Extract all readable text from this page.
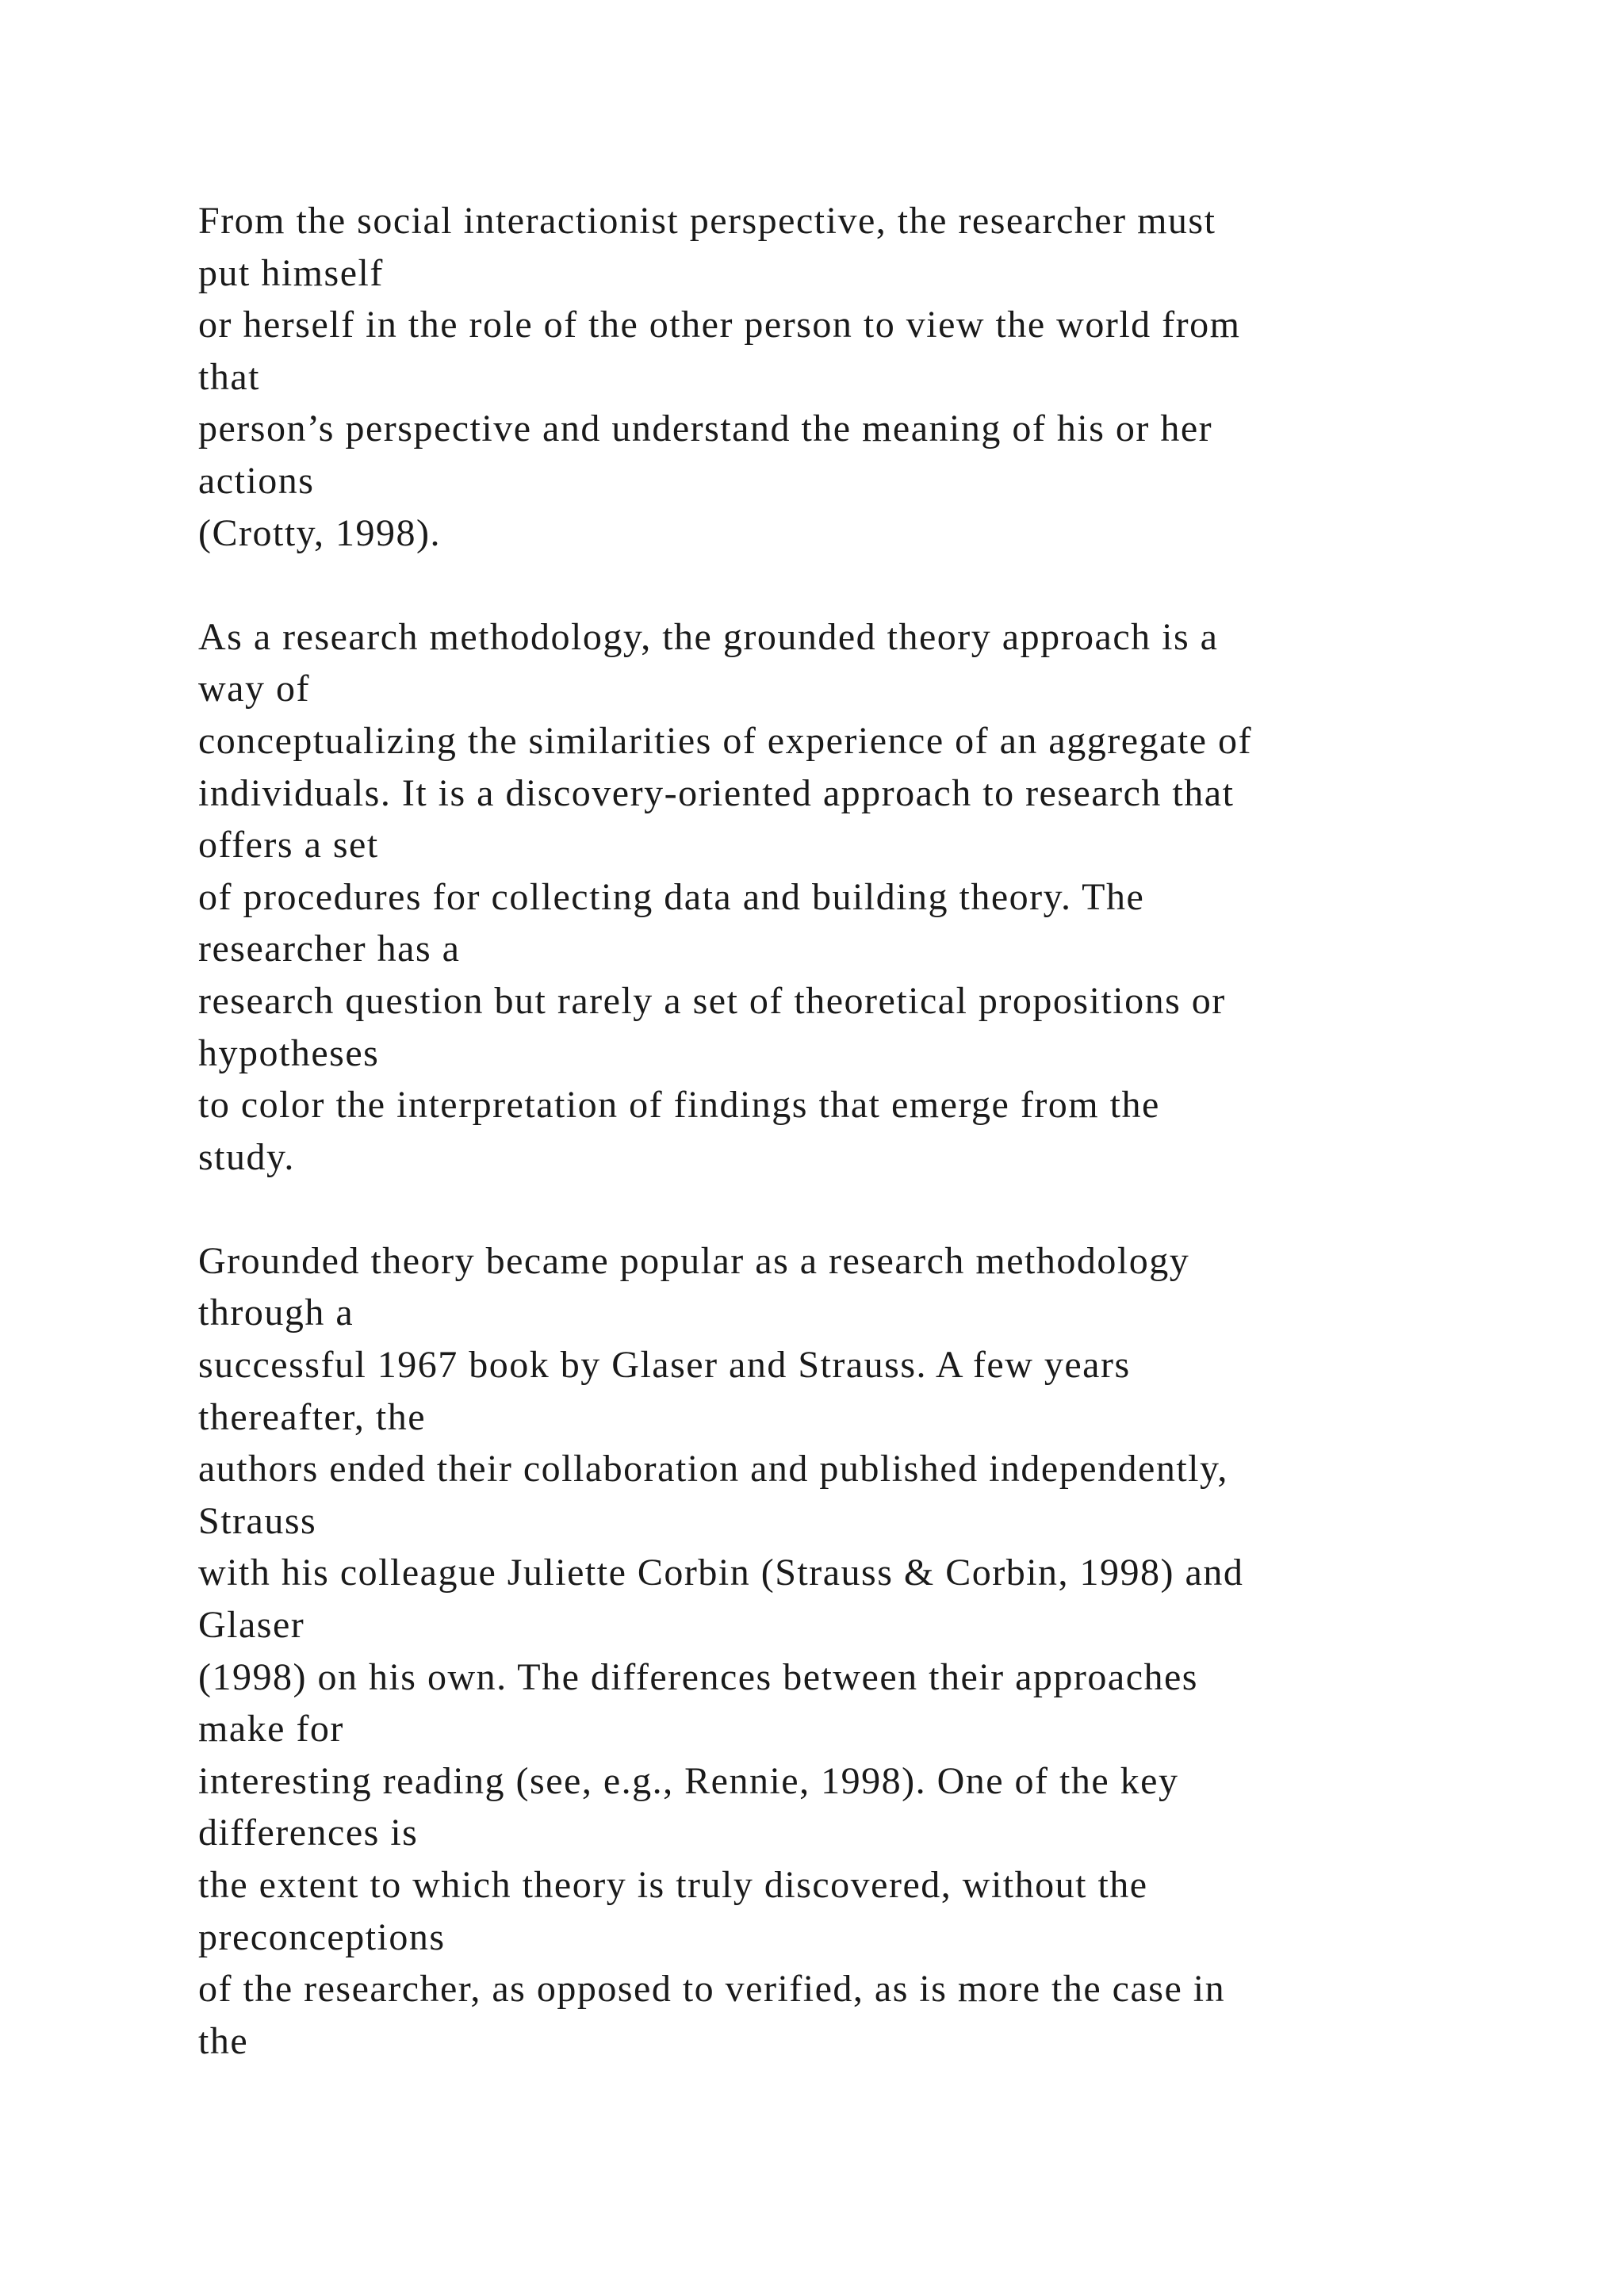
From the social interactionist perspective, the researcher must
put himself
or herself in the role of the other person to view the world from
that
person’s perspective and understand the meaning of his or her
actions
(Crotty, 1998).

As a research methodology, the grounded theory approach is a
way of
conceptualizing the similarities of experience of an aggregate of
individuals. It is a discovery-oriented approach to research that
offers a set
of procedures for collecting data and building theory. The
researcher has a
research question but rarely a set of theoretical propositions or
hypotheses
to color the interpretation of findings that emerge from the
study.

Grounded theory became popular as a research methodology
through a
successful 1967 book by Glaser and Strauss. A few years
thereafter, the
authors ended their collaboration and published independently,
Strauss
with his colleague Juliette Corbin (Strauss & Corbin, 1998) and
Glaser
(1998) on his own. The differences between their approaches
make for
interesting reading (see, e.g., Rennie, 1998). One of the key
differences is
the extent to which theory is truly discovered, without the
preconceptions
of the researcher, as opposed to verified, as is more the case in
the
